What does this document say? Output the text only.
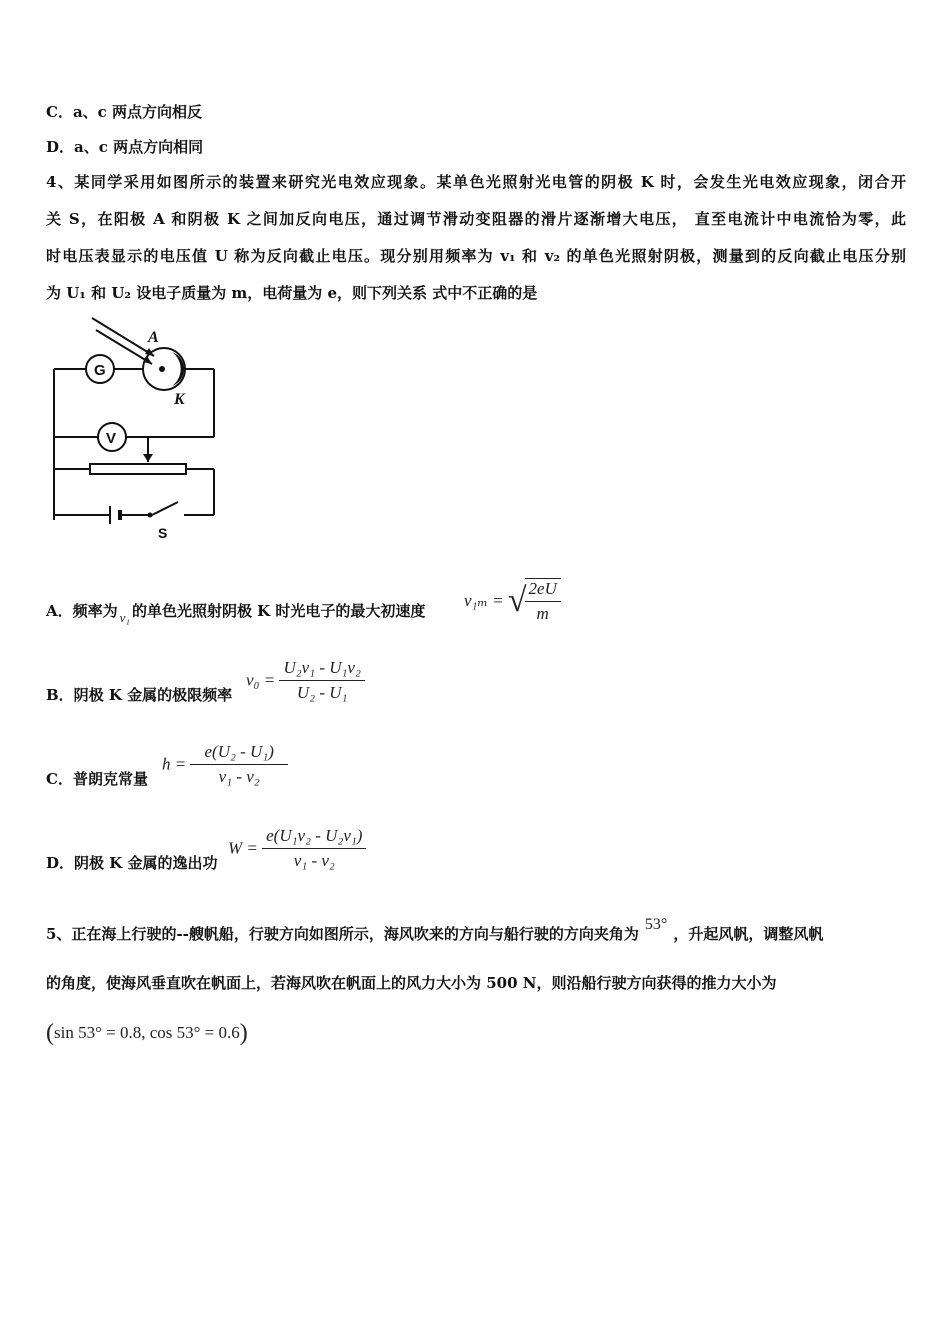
C．a、c 两点方向相反
D．a、c 两点方向相同
4、某同学采用如图所示的装置来研究光电效应现象。某单色光照射光电管的阴极 K 时，会发生光电效应现象，闭合开
关 S，在阳极 A 和阴极 K 之间加反向电压，通过调节滑动变阻器的滑片逐渐增大电压， 直至电流计中电流恰为零，此
时电压表显示的电压值 U 称为反向截止电压。现分别用频率为 v₁ 和 v₂ 的单色光照射阴极，测量到的反向截止电压分别
为 U₁ 和 U₂ 设电子质量为 m，电荷量为 e，则下列关系 式中不正确的是
A
K
G
V
S
A．频率为 v₁ 的单色光照射阴极 K 时光电子的最大初速度
v₁ₘ = √
$\frac{2eU}{m}$
B．阴极 K 金属的极限频率
$v_0 = \frac{\text{U₂v₁ - U₁v₂}}{\text{U₂ - U₁}}$
C．普朗克常量
$h = \frac{\text{e(U₂ - U₁)}}{\text{v₁ - v₂}}$
D．阴极 K 金属的逸出功
$W = \frac{\text{e(U₁v₂ - U₂v₁)}}{\text{v₁ - v₂}}$
5、正在海上行驶的--艘帆船，行驶方向如图所示，海风吹来的方向与船行驶的方向夹角为53°，升起风帆，调整风帆
的角度，使海风垂直吹在帆面上，若海风吹在帆面上的风力大小为 500 N，则沿船行驶方向获得的推力大小为
(sin 53° = 0.8, cos 53° = 0.6)
